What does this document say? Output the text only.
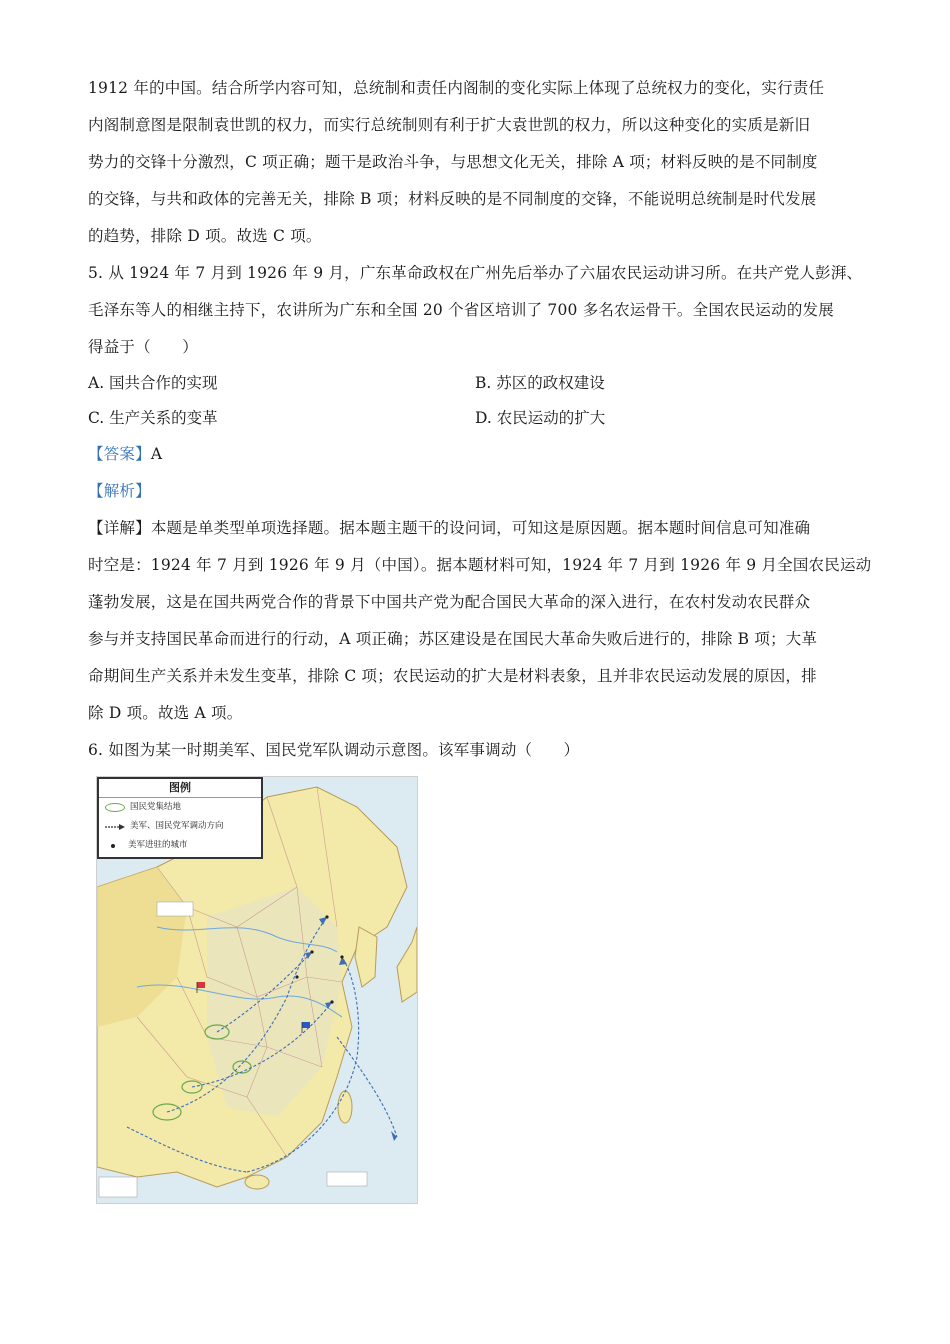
1912 年的中国。结合所学内容可知，总统制和责任内阁制的变化实际上体现了总统权力的变化，实行责任
内阁制意图是限制袁世凯的权力，而实行总统制则有利于扩大袁世凯的权力，所以这种变化的实质是新旧
势力的交锋十分激烈，C 项正确；题干是政治斗争，与思想文化无关，排除 A 项；材料反映的是不同制度
的交锋，与共和政体的完善无关，排除 B 项；材料反映的是不同制度的交锋，不能说明总统制是时代发展
的趋势，排除 D 项。故选 C 项。
5. 从 1924 年 7 月到 1926 年 9 月，广东革命政权在广州先后举办了六届农民运动讲习所。在共产党人彭湃、
毛泽东等人的相继主持下，农讲所为广东和全国 20 个省区培训了 700 多名农运骨干。全国农民运动的发展
得益于（　　）
A. 国共合作的实现	B. 苏区的政权建设
C. 生产关系的变革	D. 农民运动的扩大
【答案】A
【解析】
【详解】本题是单类型单项选择题。据本题主题干的设问词，可知这是原因题。据本题时间信息可知准确
时空是：1924 年 7 月到 1926 年 9 月（中国）。据本题材料可知，1924 年 7 月到 1926 年 9 月全国农民运动
蓬勃发展，这是在国共两党合作的背景下中国共产党为配合国民大革命的深入进行，在农村发动农民群众
参与并支持国民革命而进行的行动，A 项正确；苏区建设是在国民大革命失败后进行的，排除 B 项；大革
命期间生产关系并未发生变革，排除 C 项；农民运动的扩大是材料表象，且并非农民运动发展的原因，排
除 D 项。故选 A 项。
6. 如图为某一时期美军、国民党军队调动示意图。该军事调动（　　）
图例
国民党集结地
美军、国民党军调动方向
美军进驻的城市
